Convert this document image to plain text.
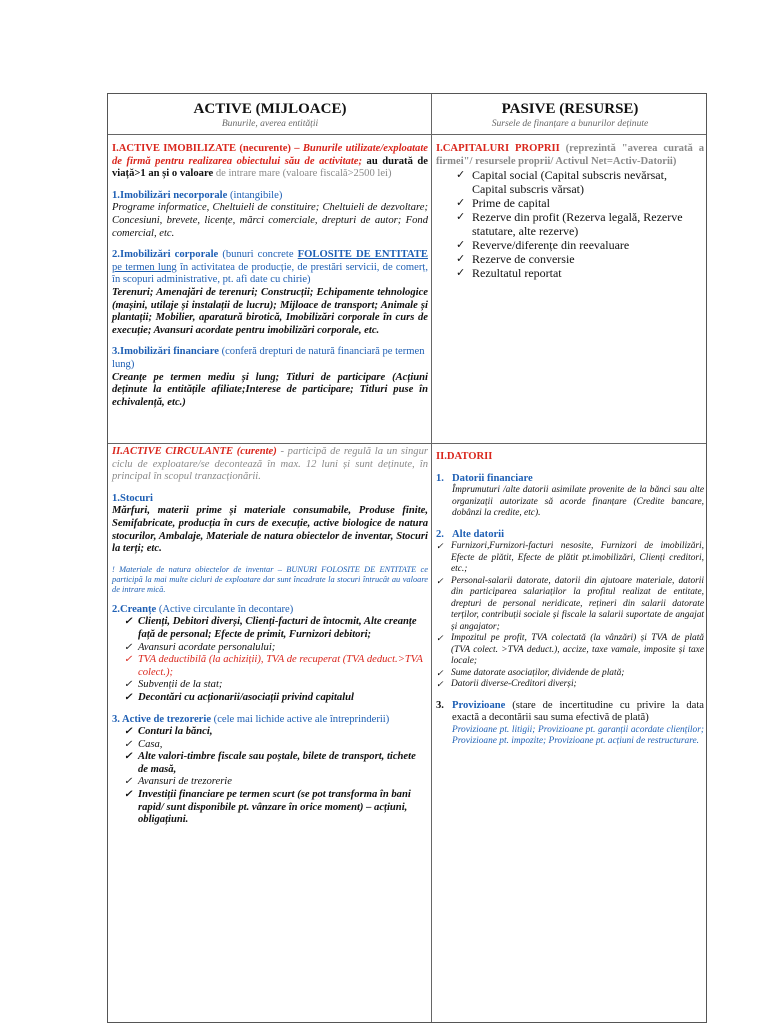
ACTIVE (MIJLOACE)
Bunurile, averea entității
PASIVE (RESURSE)
Sursele de finanțare a bunurilor deținute

I.ACTIVE IMOBILIZATE (necurente) – Bunurile utilizate/exploatate de firmă pentru realizarea obiectului său de activitate; au durată de viață>1 an și o valoare de intrare mare (valoare fiscală>2500 lei)

1.Imobilizări necorporale (intangibile)

Programe informatice, Cheltuieli de constituire; Cheltuieli de dezvoltare; Concesiuni, brevete, licențe, mărci comerciale, drepturi de autor; Fond comercial, etc.

2.Imobilizări corporale (bunuri concrete FOLOSITE DE ENTITATE pe termen lung în activitatea de producție, de prestări servicii, de comerț, în scopuri administrative, pt. afi date cu chirie)

Terenuri; Amenajări de terenuri; Construcții; Echipamente tehnologice (mașini, utilaje și instalații de lucru); Mijloace de transport; Animale și plantații; Mobilier, aparatură birotică, Imobilizări corporale în curs de execuție; Avansuri acordate pentru imobilizări corporale, etc.

3.Imobilizări financiare (conferă drepturi de natură financiară pe termen lung)

Creanțe pe termen mediu și lung; Titluri de participare (Acțiuni deținute la entitățile afiliate;Interese de participare; Titluri puse în echivalență, etc.)

I.CAPITALURI PROPRII (reprezintă "averea curată a firmei"/ resursele proprii/ Activul Net=Activ-Datorii)

✓ Capital social (Capital subscris nevărsat, Capital subscris vărsat)
✓ Prime de capital
✓ Rezerve din profit (Rezerva legală, Rezerve statutare, alte rezerve)
✓ Reverve/diferențe din reevaluare
✓ Rezerve de conversie
✓ Rezultatul reportat

II.ACTIVE CIRCULANTE (curente) - participă de regulă la un singur ciclu de exploatare/se decontează în max. 12 luni și sunt deținute, în principal în scopul tranzacționării.

1.Stocuri

Mărfuri, materii prime și materiale consumabile, Produse finite, Semifabricate, producția în curs de execuție, active biologice de natura stocurilor, Ambalaje, Materiale de natura obiectelor de inventar, Stocuri la terți; etc.

! Materiale de natura obiectelor de inventar – BUNURI FOLOSITE DE ENTITATE ce participă la mai multe cicluri de exploatare dar sunt încadrate la stocuri întrucât au valoare de intrare mică.

2.Creanțe (Active circulante în decontare)

✓ Clienți, Debitori diverși, Clienți-facturi de întocmit, Alte creanțe față de personal; Efecte de primit, Furnizori debitori;
✓ Avansuri acordate personalului;
✓ TVA deductibilă (la achiziții), TVA de recuperat (TVA deduct.>TVA colect.);
✓ Subvenții de la stat;
✓ Decontări cu acționarii/asociații privind capitalul

3. Active de trezorerie (cele mai lichide active ale întreprinderii)

✓ Conturi la bănci,
✓ Casa,
✓ Alte valori-timbre fiscale sau poștale, bilete de transport, tichete de masă,
✓ Avansuri de trezorerie
✓ Investiții financiare pe termen scurt (se pot transforma în bani rapid/ sunt disponibile pt. vânzare în orice moment) – acțiuni, obligațiuni.

II.DATORII

1. Datorii financiare

Împrumuturi /alte datorii asimilate provenite de la bănci sau alte organizații autorizate să acorde finanțare (Credite bancare, dobânzi la credite, etc).

2. Alte datorii

✓ Furnizori,Furnizori-facturi nesosite, Furnizori de imobilizări, Efecte de plătit, Efecte de plătit pt.imobilizări, Clienți creditori, etc.;
✓ Personal-salarii datorate, datorii din ajutoare materiale, datorii din participarea salariaților la profitul realizat de entitate, drepturi de personal neridicate, rețineri din salarii datorate terților, contribuții sociale și fiscale la salarii suportate de angajat și angajator;
✓ Impozitul pe profit, TVA colectată (la vânzări) și TVA de plată (TVA colect. >TVA deduct.), accize, taxe vamale, imposite și taxe locale;
✓ Sume datorate asociaților, dividende de plată;
✓ Datorii diverse-Creditori diverși;
3. Provizioane (stare de incertitudine cu privire la data exactă a decontării sau suma efectivă de plată)

Provizioane pt. litigii; Provizioane pt. garanții acordate clienților; Provizioane pt. impozite; Provizioane pt. acțiuni de restructurare.
